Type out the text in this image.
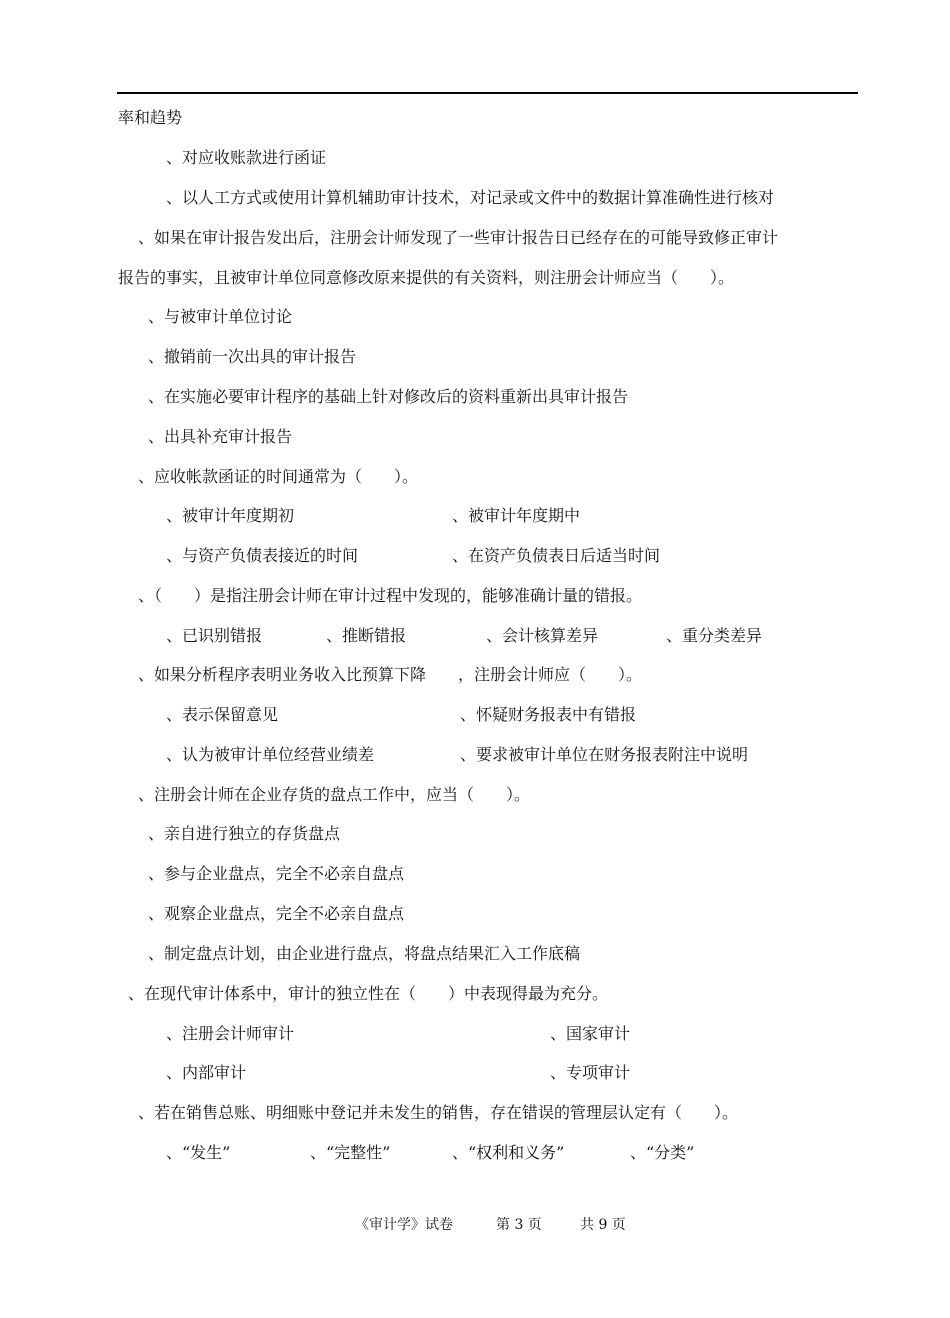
率和趋势
、对应收账款进行函证
、以人工方式或使用计算机辅助审计技术，对记录或文件中的数据计算准确性进行核对
、如果在审计报告发出后，注册会计师发现了一些审计报告日已经存在的可能导致修正审计
报告的事实，且被审计单位同意修改原来提供的有关资料，则注册会计师应当（　　）。
、与被审计单位讨论
、撤销前一次出具的审计报告
、在实施必要审计程序的基础上针对修改后的资料重新出具审计报告
、出具补充审计报告
、应收帐款函证的时间通常为（　　）。
、被审计年度期初	、被审计年度期中
、与资产负债表接近的时间	、在资产负债表日后适当时间
、（　　）是指注册会计师在审计过程中发现的，能够准确计量的错报。
、已识别错报	、推断错报	、会计核算差异	、重分类差异
、如果分析程序表明业务收入比预算下降　　，注册会计师应（　　）。
、表示保留意见	、怀疑财务报表中有错报
、认为被审计单位经营业绩差	、要求被审计单位在财务报表附注中说明
、注册会计师在企业存货的盘点工作中，应当（　　）。
、亲自进行独立的存货盘点
、参与企业盘点，完全不必亲自盘点
、观察企业盘点，完全不必亲自盘点
、制定盘点计划，由企业进行盘点，将盘点结果汇入工作底稿
、在现代审计体系中，审计的独立性在（　　）中表现得最为充分。
、注册会计师审计	、国家审计
、内部审计	、专项审计
、若在销售总账、明细账中登记并未发生的销售，存在错误的管理层认定有（　　）。
、“发生”	、“完整性”	、“权利和义务”	、“分类”
《审计学》试卷	第 3 页	共 9 页
